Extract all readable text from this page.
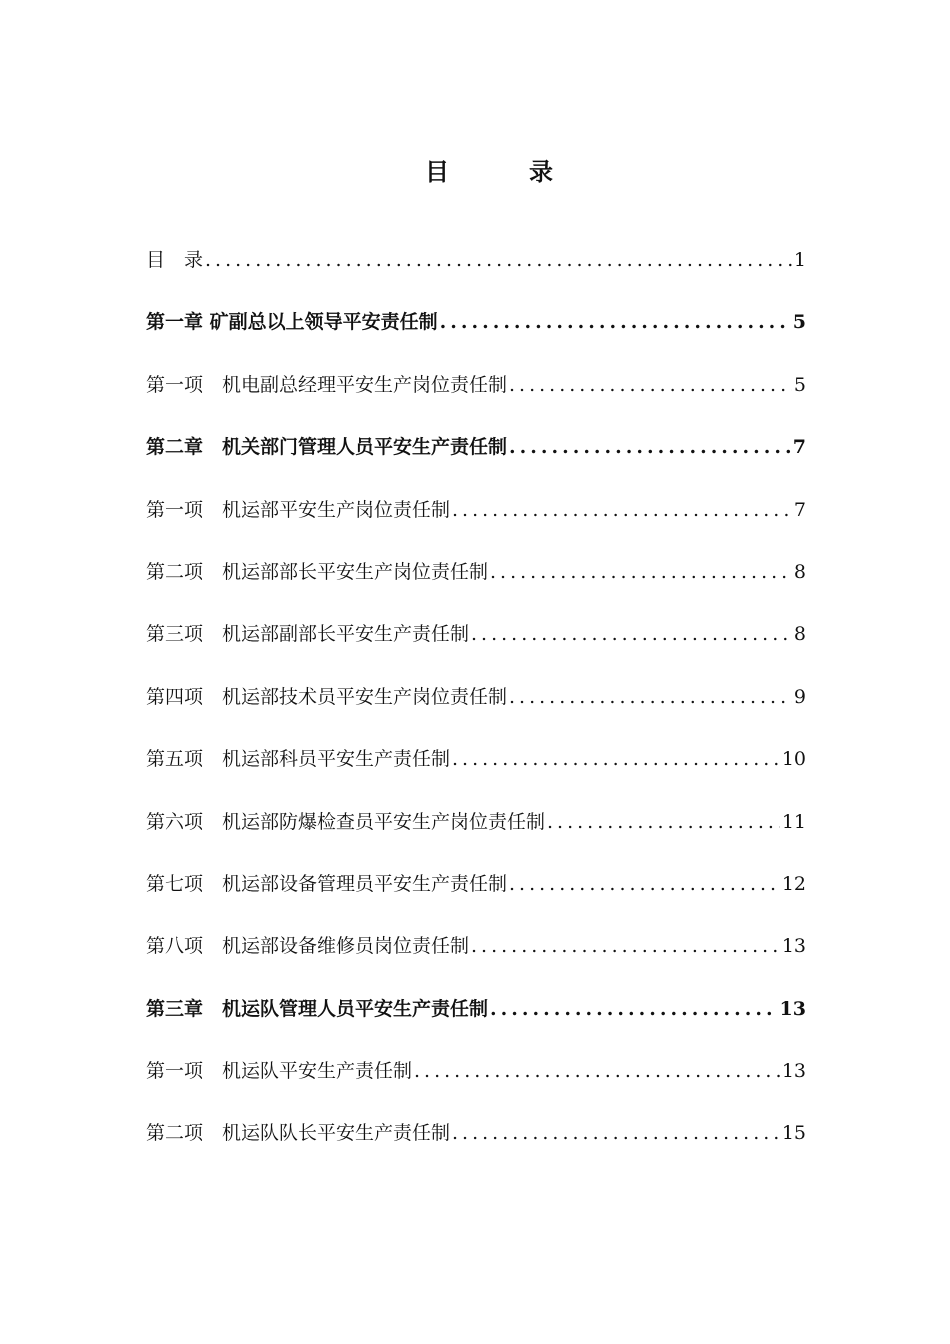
目　录
目　录 .....	1
第一章 矿副总以上领导平安责任制 .....	5
第一项　机电副总经理平安生产岗位责任制 .....	5
第二章　机关部门管理人员平安生产责任制 .....	7
第一项　机运部平安生产岗位责任制 .....	7
第二项　机运部部长平安生产岗位责任制 .....	8
第三项　机运部副部长平安生产责任制 .....	8
第四项　机运部技术员平安生产岗位责任制 .....	9
第五项　机运部科员平安生产责任制 .....	10
第六项　机运部防爆检查员平安生产岗位责任制 .....	11
第七项　机运部设备管理员平安生产责任制 .....	12
第八项　机运部设备维修员岗位责任制 .....	13
第三章　机运队管理人员平安生产责任制 .....	13
第一项　机运队平安生产责任制 .....	13
第二项　机运队队长平安生产责任制 .....	15
